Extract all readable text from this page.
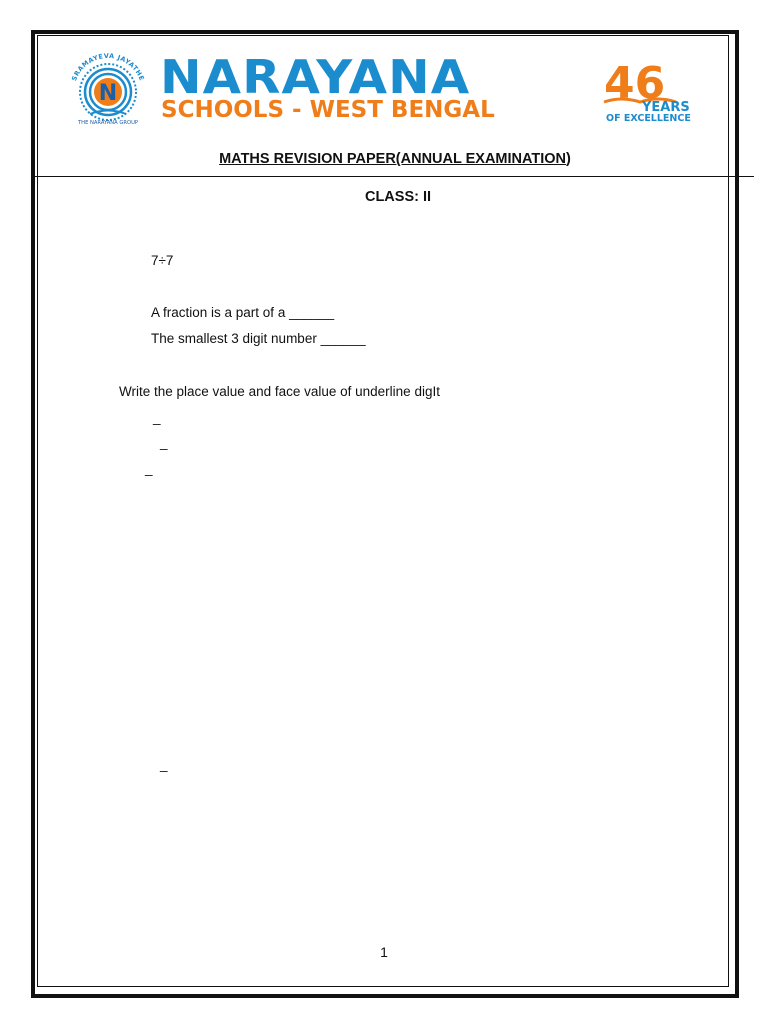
SRAMAYEVA JAYATHE
N
THE NARAYANA GROUP
NARAYANA
SCHOOLS - WEST BENGAL
46
YEARS
OF EXCELLENCE
MATHS REVISION PAPER(ANNUAL EXAMINATION)
CLASS: II
7÷7
A fraction is a part of a ______
The smallest 3 digit number ______
Write the place value and face value of underline digIt
_
_
_
_
1
